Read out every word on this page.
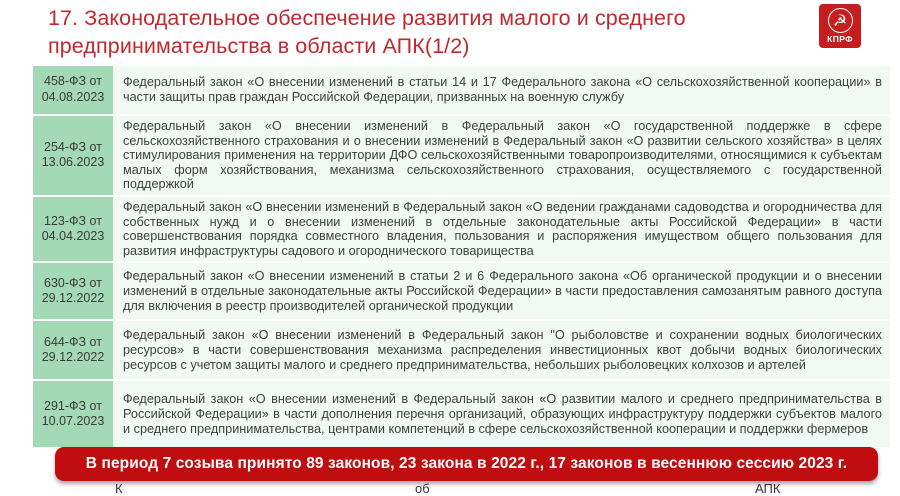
17. Законодательное обеспечение развития малого и среднего предпринимательства в области АПК(1/2)
☭
КПРФ
458-ФЗ от
04.08.2023
Федеральный закон «О внесении изменений в статьи 14 и 17 Федерального закона «О сельскохозяйственной кооперации» в части защиты прав граждан Российской Федерации, призванных на военную службу
254-ФЗ от
13.06.2023
Федеральный закон «О внесении изменений в Федеральный закон «О государственной поддержке в сфере сельскохозяйственного страхования и о внесении изменений в Федеральный закон «О развитии сельского хозяйства» в целях стимулирования применения на территории ДФО сельскохозяйственными товаропроизводителями, относящимися к субъектам малых форм хозяйствования, механизма сельскохозяйственного страхования, осуществляемого с государственной поддержкой
123-ФЗ от
04.04.2023
Федеральный закон «О внесении изменений в Федеральный закон «О ведении гражданами садоводства и огородничества для собственных нужд и о внесении изменений в отдельные законодательные акты Российской Федерации» в части совершенствования порядка совместного владения, пользования и распоряжения имуществом общего пользования для развития инфраструктуры садового и огороднического товарищества
630-ФЗ от
29.12.2022
Федеральный закон «О внесении изменений в статьи 2 и 6 Федерального закона «Об органической продукции и о внесении изменений в отдельные законодательные акты Российской Федерации» в части предоставления самозанятым равного доступа для включения в реестр производителей органической продукции
644-ФЗ от
29.12.2022
Федеральный закон «О внесении изменений в Федеральный закон "О рыболовстве и сохранении водных биологических ресурсов» в части совершенствования механизма распределения инвестиционных квот добычи водных биологических ресурсов с учетом защиты малого и среднего предпринимательства, небольших рыболовецких колхозов и артелей
291-ФЗ от
10.07.2023
Федеральный закон «О внесении изменений в Федеральный закон «О развитии малого и среднего предпринимательства в Российской Федерации» в части дополнения перечня организаций, образующих инфраструктуру поддержки субъектов малого и среднего предпринимательства, центрами компетенций в сфере сельскохозяйственной кооперации и поддержки фермеров
В период 7 созыва принято 89 законов, 23 закона в 2022 г., 17 законов в весеннюю сессию 2023 г.
К	об	АПК
